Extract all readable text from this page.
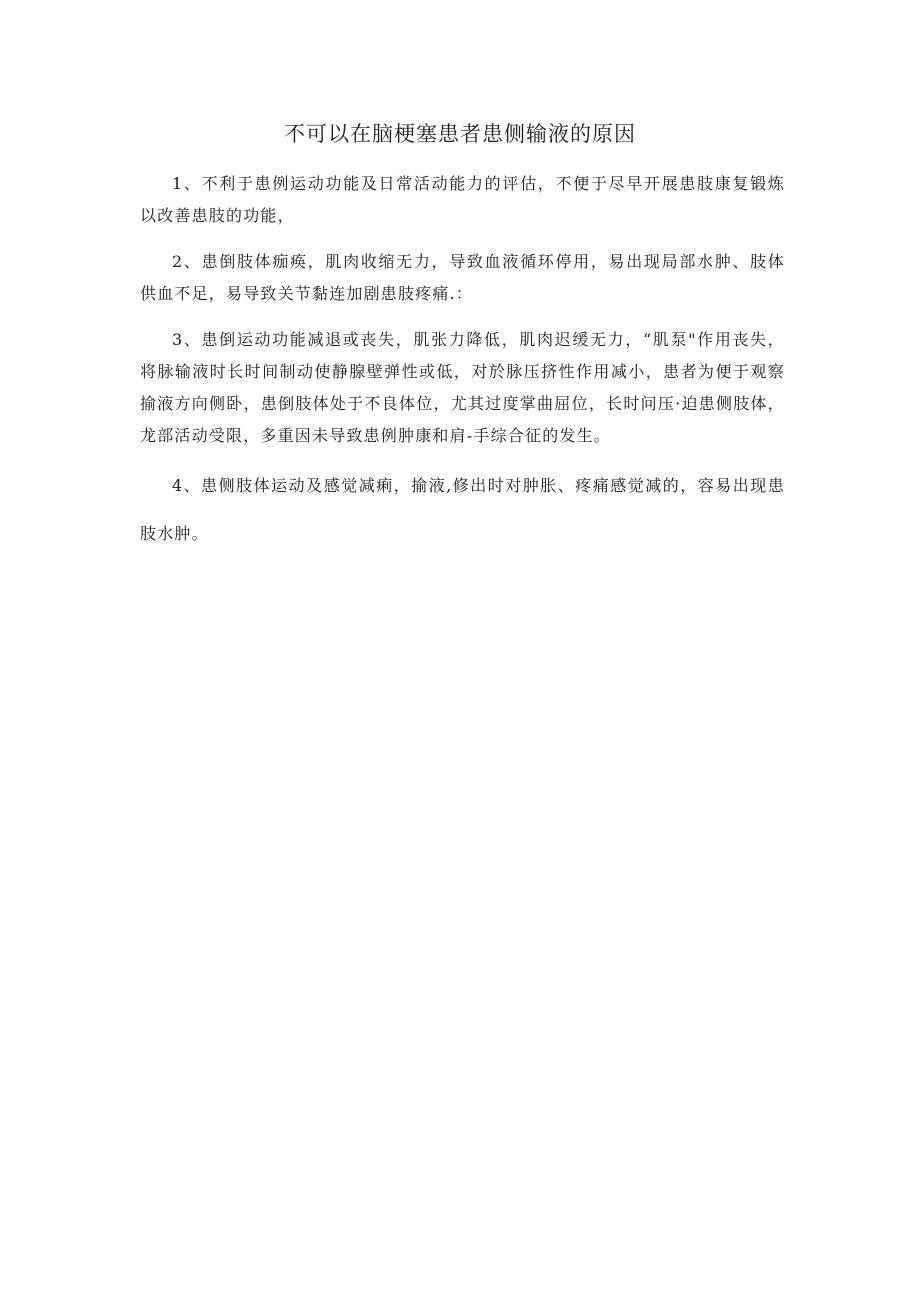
不可以在脑梗塞患者患侧输液的原因

1、不利于患例运动功能及日常活动能力的评估，不便于尽早开展患肢康复锻炼以改善患肢的功能，

2、患倒肢体痂痪，肌肉收缩无力，导致血液循环停用，易出现局部水肿、肢体供血不足，易导致关节黏连加剧患肢疼痛.：

3、患倒运动功能减退或丧失，肌张力降低，肌肉迟缓无力，“肌泵"作用丧失，将脉输液时长时间制动使静腺壁弹性或低，对於脉压挤性作用减小，患者为便于观察揄液方向侧卧，患倒肢体处于不良体位，尤其过度掌曲屈位，长时问压·迫患侧肢体，龙部活动受限，多重因未导致患例肿康和肩-手综合征的发生。

4、患侧肢体运动及感觉减痢，揄液,修出时对肿胀、疼痛感觉减的，容易出现患肢水肿。
